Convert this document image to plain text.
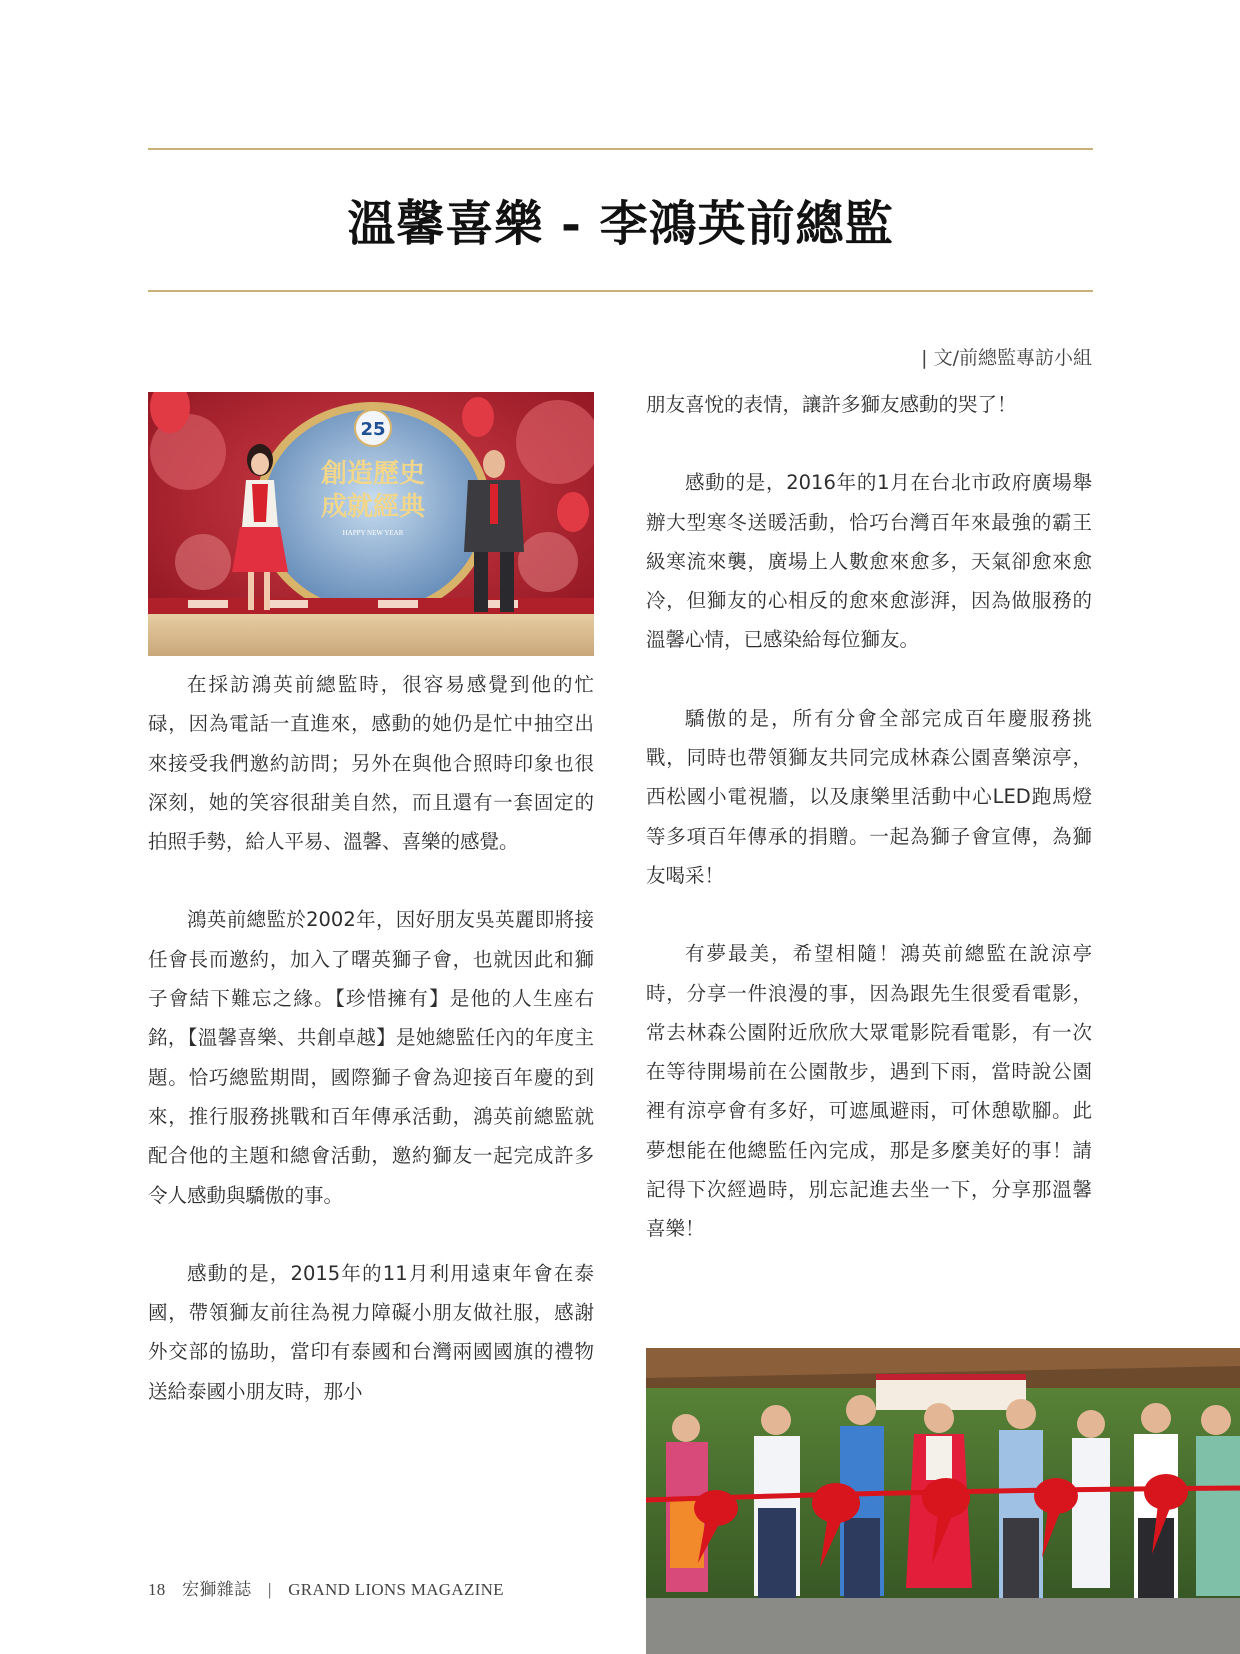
溫馨喜樂 - 李鴻英前總監
| 文/前總監專訪小組
25
創造歷史
成就經典
HAPPY NEW YEAR

在採訪鴻英前總監時，很容易感覺到他的忙碌，因為電話一直進來，感動的她仍是忙中抽空出來接受我們邀約訪問；另外在與他合照時印象也很深刻，她的笑容很甜美自然，而且還有一套固定的拍照手勢，給人平易、溫馨、喜樂的感覺。

鴻英前總監於2002年，因好朋友吳英麗即將接任會長而邀約，加入了曙英獅子會，也就因此和獅子會結下難忘之緣。【珍惜擁有】是他的人生座右銘，【溫馨喜樂、共創卓越】是她總監任內的年度主題。恰巧總監期間，國際獅子會為迎接百年慶的到來，推行服務挑戰和百年傳承活動，鴻英前總監就配合他的主題和總會活動，邀約獅友一起完成許多令人感動與驕傲的事。

感動的是，2015年的11月利用遠東年會在泰國，帶領獅友前往為視力障礙小朋友做社服，感謝外交部的協助，當印有泰國和台灣兩國國旗的禮物送給泰國小朋友時，那小

朋友喜悅的表情，讓許多獅友感動的哭了！

感動的是，2016年的1月在台北市政府廣場舉辦大型寒冬送暖活動，恰巧台灣百年來最強的霸王級寒流來襲，廣場上人數愈來愈多，天氣卻愈來愈冷，但獅友的心相反的愈來愈澎湃，因為做服務的溫馨心情，已感染給每位獅友。

驕傲的是，所有分會全部完成百年慶服務挑戰，同時也帶領獅友共同完成林森公園喜樂涼亭，西松國小電視牆，以及康樂里活動中心LED跑馬燈等多項百年傳承的捐贈。一起為獅子會宣傳，為獅友喝采！

有夢最美，希望相隨！鴻英前總監在說涼亭時，分享一件浪漫的事，因為跟先生很愛看電影，常去林森公園附近欣欣大眾電影院看電影，有一次在等待開場前在公園散步，遇到下雨，當時說公園裡有涼亭會有多好，可遮風避雨，可休憩歇腳。此夢想能在他總監任內完成，那是多麼美好的事！請記得下次經過時，別忘記進去坐一下，分享那溫馨喜樂！

18 宏獅雜誌 | GRAND LIONS MAGAZINE
